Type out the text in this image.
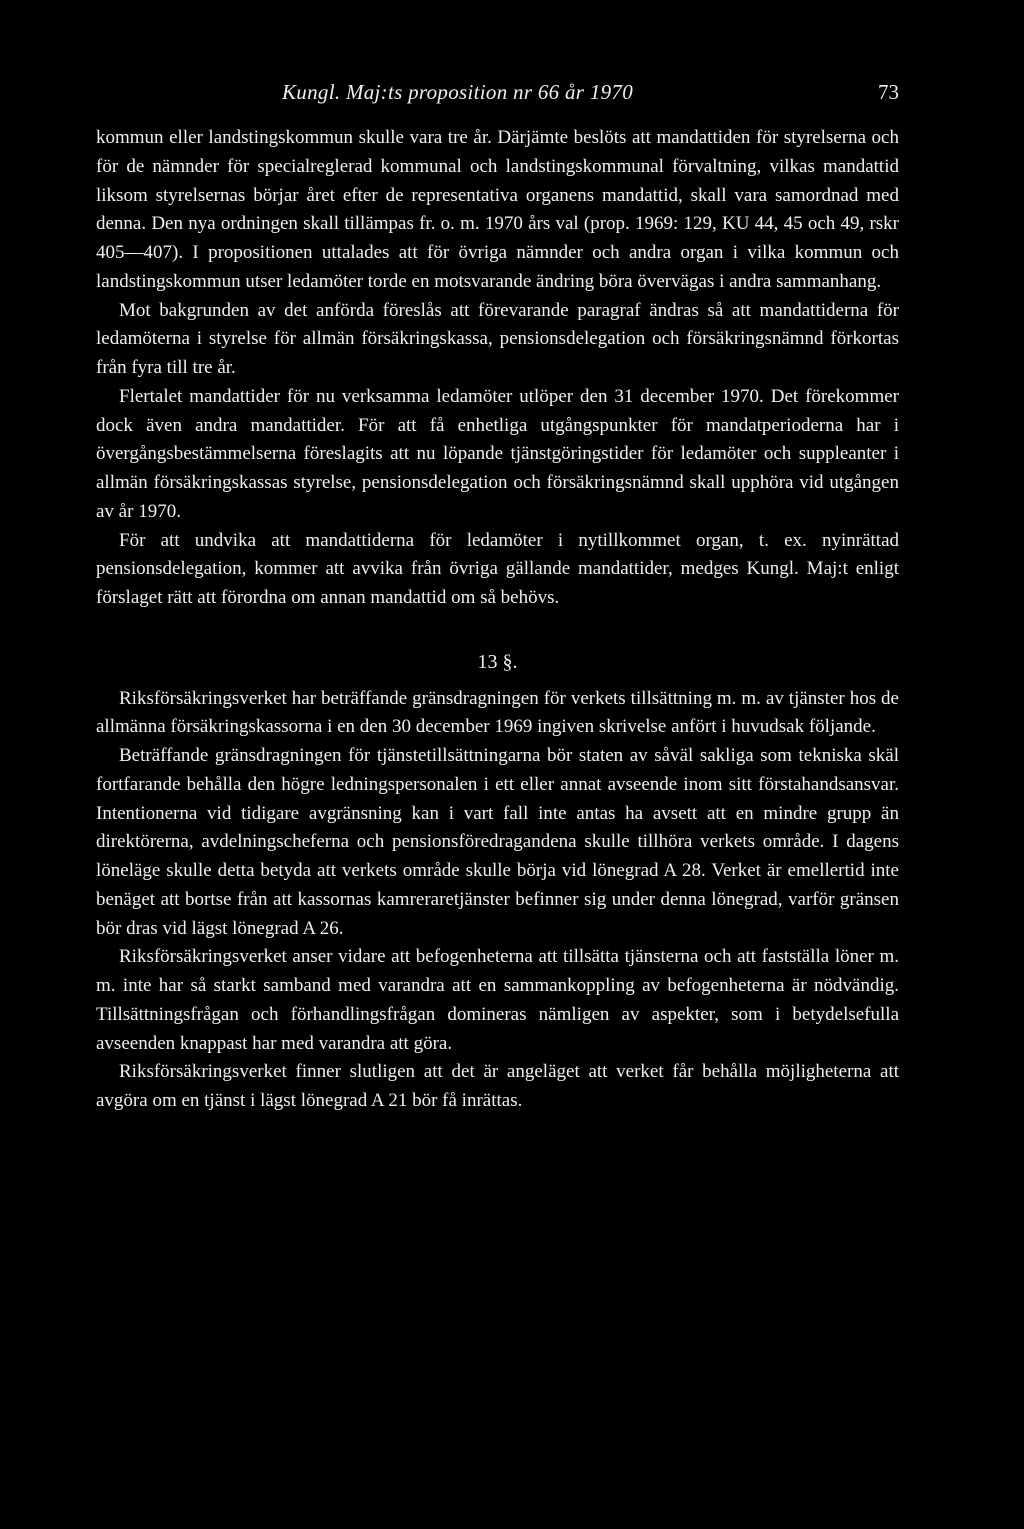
Kungl. Maj:ts proposition nr 66 år 1970	73

kommun eller landstingskommun skulle vara tre år. Därjämte beslöts att mandattiden för styrelserna och för de nämnder för specialreglerad kommunal och landstingskommunal förvaltning, vilkas mandattid liksom styrelsernas börjar året efter de representativa organens mandattid, skall vara samordnad med denna. Den nya ordningen skall tillämpas fr. o. m. 1970 års val (prop. 1969: 129, KU 44, 45 och 49, rskr 405—407). I propositionen uttalades att för övriga nämnder och andra organ i vilka kommun och landstingskommun utser ledamöter torde en motsvarande ändring böra övervägas i andra sammanhang.

Mot bakgrunden av det anförda föreslås att förevarande paragraf ändras så att mandattiderna för ledamöterna i styrelse för allmän försäkringskassa, pensionsdelegation och försäkringsnämnd förkortas från fyra till tre år.

Flertalet mandattider för nu verksamma ledamöter utlöper den 31 december 1970. Det förekommer dock även andra mandattider. För att få enhetliga utgångspunkter för mandatperioderna har i övergångsbestämmelserna föreslagits att nu löpande tjänstgöringstider för ledamöter och suppleanter i allmän försäkringskassas styrelse, pensionsdelegation och försäkringsnämnd skall upphöra vid utgången av år 1970.

För att undvika att mandattiderna för ledamöter i nytillkommet organ, t. ex. nyinrättad pensionsdelegation, kommer att avvika från övriga gällande mandattider, medges Kungl. Maj:t enligt förslaget rätt att förordna om annan mandattid om så behövs.

13 §.

Riksförsäkringsverket har beträffande gränsdragningen för verkets tillsättning m. m. av tjänster hos de allmänna försäkringskassorna i en den 30 december 1969 ingiven skrivelse anfört i huvudsak följande.

Beträffande gränsdragningen för tjänstetillsättningarna bör staten av såväl sakliga som tekniska skäl fortfarande behålla den högre ledningspersonalen i ett eller annat avseende inom sitt förstahandsansvar. Intentionerna vid tidigare avgränsning kan i vart fall inte antas ha avsett att en mindre grupp än direktörerna, avdelningscheferna och pensionsföredragandena skulle tillhöra verkets område. I dagens löneläge skulle detta betyda att verkets område skulle börja vid lönegrad A 28. Verket är emellertid inte benäget att bortse från att kassornas kamreraretjänster befinner sig under denna lönegrad, varför gränsen bör dras vid lägst lönegrad A 26.

Riksförsäkringsverket anser vidare att befogenheterna att tillsätta tjänsterna och att fastställa löner m. m. inte har så starkt samband med varandra att en sammankoppling av befogenheterna är nödvändig. Tillsättningsfrågan och förhandlingsfrågan domineras nämligen av aspekter, som i betydelsefulla avseenden knappast har med varandra att göra.

Riksförsäkringsverket finner slutligen att det är angeläget att verket får behålla möjligheterna att avgöra om en tjänst i lägst lönegrad A 21 bör få inrättas.
